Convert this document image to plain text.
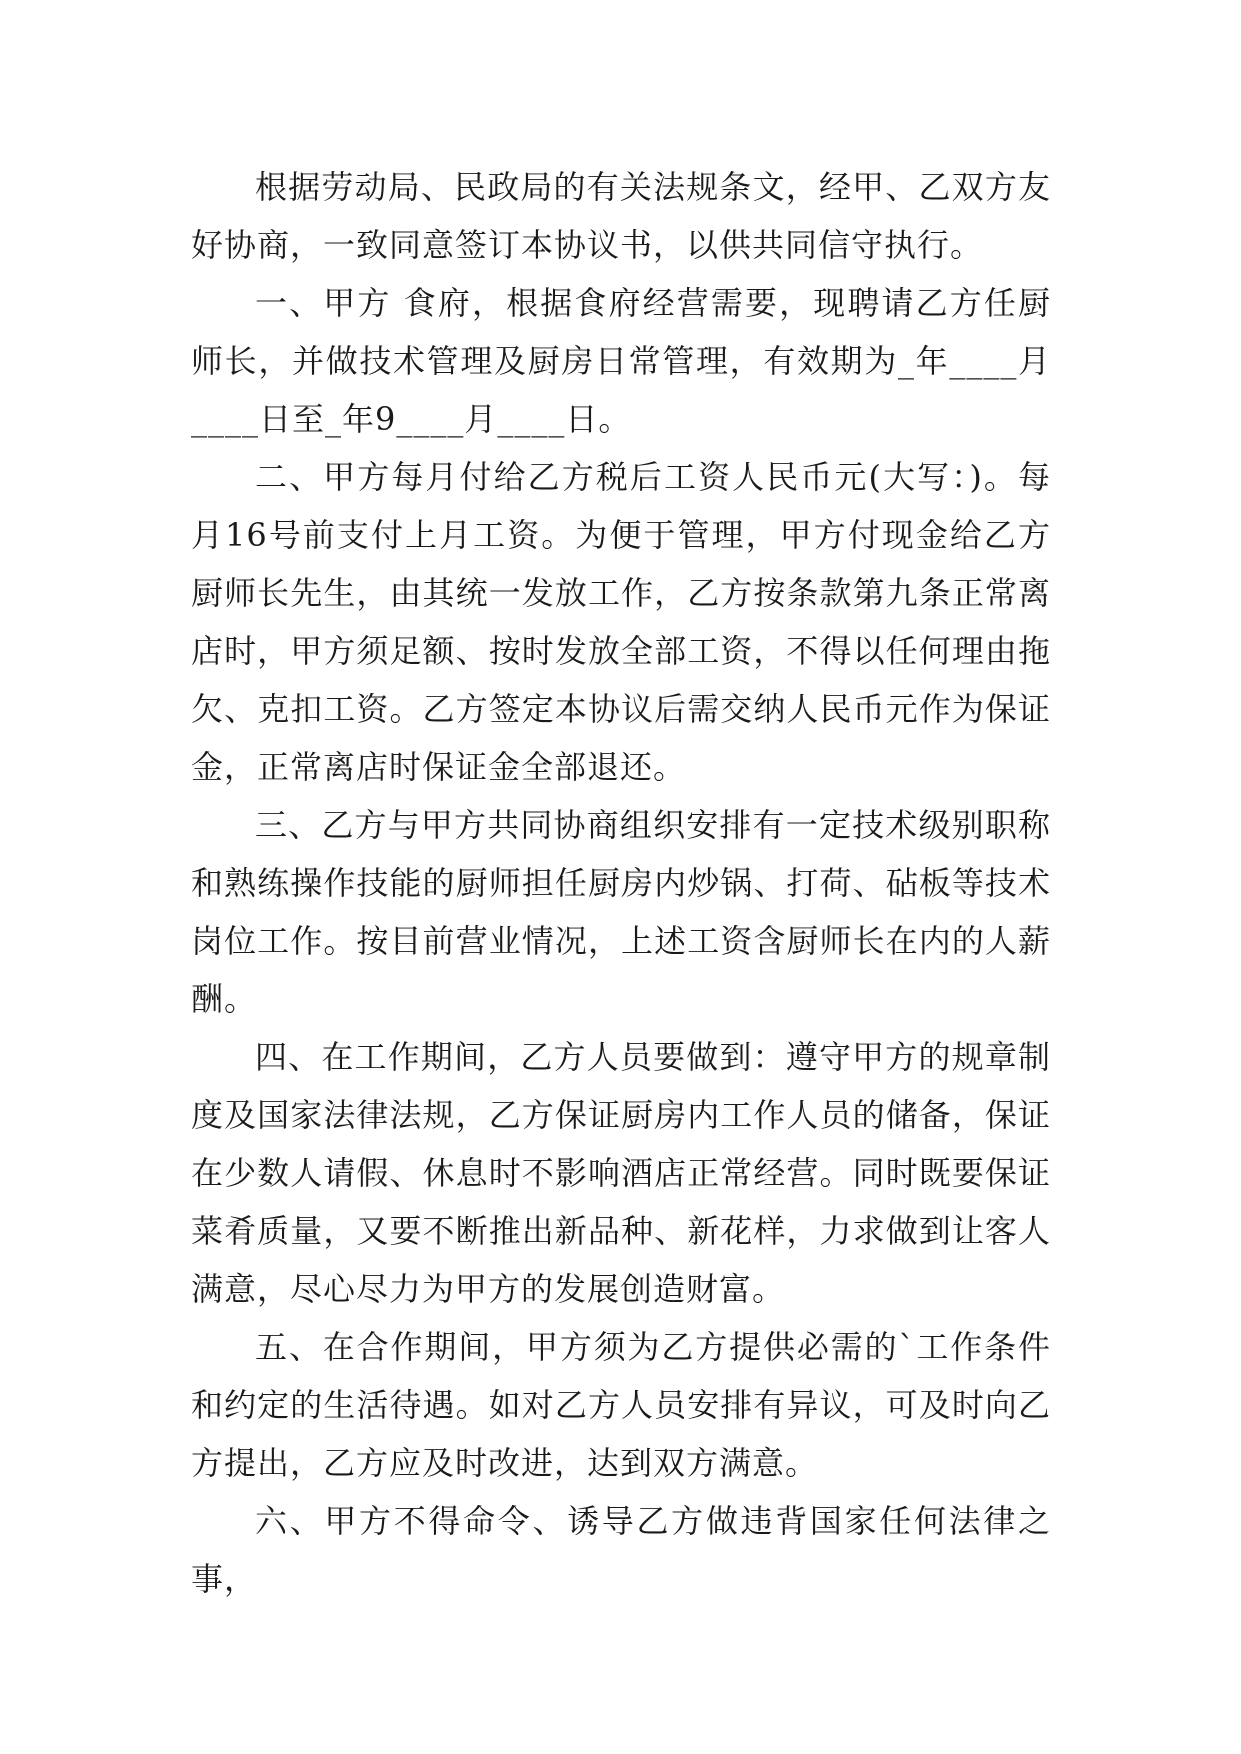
根据劳动局、民政局的有关法规条文，经甲、乙双方友好协商，一致同意签订本协议书，以供共同信守执行。

一、甲方 食府，根据食府经营需要，现聘请乙方任厨师长，并做技术管理及厨房日常管理，有效期为_年____月____日至_年9____月____日。

二、甲方每月付给乙方税后工资人民币元(大写：)。每月16号前支付上月工资。为便于管理，甲方付现金给乙方厨师长先生，由其统一发放工作，乙方按条款第九条正常离店时，甲方须足额、按时发放全部工资，不得以任何理由拖欠、克扣工资。乙方签定本协议后需交纳人民币元作为保证金，正常离店时保证金全部退还。

三、乙方与甲方共同协商组织安排有一定技术级别职称和熟练操作技能的厨师担任厨房内炒锅、打荷、砧板等技术岗位工作。按目前营业情况，上述工资含厨师长在内的人薪酬。

四、在工作期间，乙方人员要做到：遵守甲方的规章制度及国家法律法规，乙方保证厨房内工作人员的储备，保证在少数人请假、休息时不影响酒店正常经营。同时既要保证菜肴质量，又要不断推出新品种、新花样，力求做到让客人满意，尽心尽力为甲方的发展创造财富。

五、在合作期间，甲方须为乙方提供必需的`工作条件和约定的生活待遇。如对乙方人员安排有异议，可及时向乙方提出，乙方应及时改进，达到双方满意。

六、甲方不得命令、诱导乙方做违背国家任何法律之事，
